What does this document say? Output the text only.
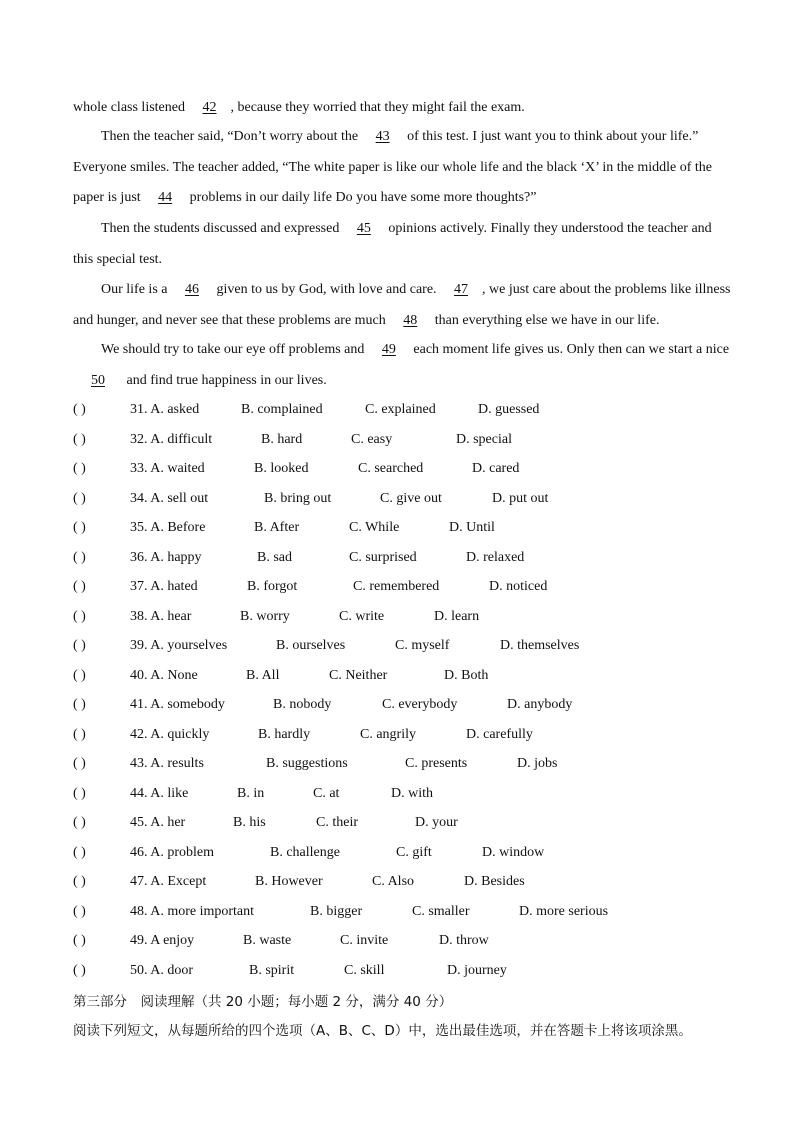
whole class listened 42 , because they worried that they might fail the exam.

Then the teacher said, “Don’t worry about the 43 of this test. I just want you to think about your life.” Everyone smiles. The teacher added, “The white paper is like our whole life and the black ‘X’ in the middle of the paper is just 44 problems in our daily life Do you have some more thoughts?”

Then the students discussed and expressed 45 opinions actively. Finally they understood the teacher and this special test.

Our life is a 46 given to us by God, with love and care. 47 , we just care about the problems like illness and hunger, and never see that these problems are much 48 than everything else we have in our life.

We should try to take our eye off problems and 49 each moment life gives us. Only then can we start a nice 50 and find true happiness in our lives.

( )	31. A. asked	B. complained	C. explained	D. guessed
( )	32. A. difficult	B. hard	C. easy	D. special
( )	33. A. waited	B. looked	C. searched	D. cared
( )	34. A. sell out	B. bring out	C. give out	D. put out
( )	35. A. Before	B. After	C. While	D. Until
( )	36. A. happy	B. sad	C. surprised	D. relaxed
( )	37. A. hated	B. forgot	C. remembered	D. noticed
( )	38. A. hear	B. worry	C. write	D. learn
( )	39. A. yourselves	B. ourselves	C. myself	D. themselves
( )	40. A. None	B. All	C. Neither	D. Both
( )	41. A. somebody	B. nobody	C. everybody	D. anybody
( )	42. A. quickly	B. hardly	C. angrily	D. carefully
( )	43. A. results	B. suggestions	C. presents	D. jobs
( )	44. A. like	B. in	C. at	D. with
( )	45. A. her	B. his	C. their	D. your
( )	46. A. problem	B. challenge	C. gift	D. window
( )	47. A. Except	B. However	C. Also	D. Besides
( )	48. A. more important	B. bigger	C. smaller	D. more serious
( )	49. A enjoy	B. waste	C. invite	D. throw
( )	50. A. door	B. spirit	C. skill	D. journey
第三部分　阅读理解（共 20 小题；每小题 2 分，满分 40 分）
阅读下列短文，从每题所给的四个选项（A、B、C、D）中，选出最佳选项，并在答题卡上将该项涂黑。
